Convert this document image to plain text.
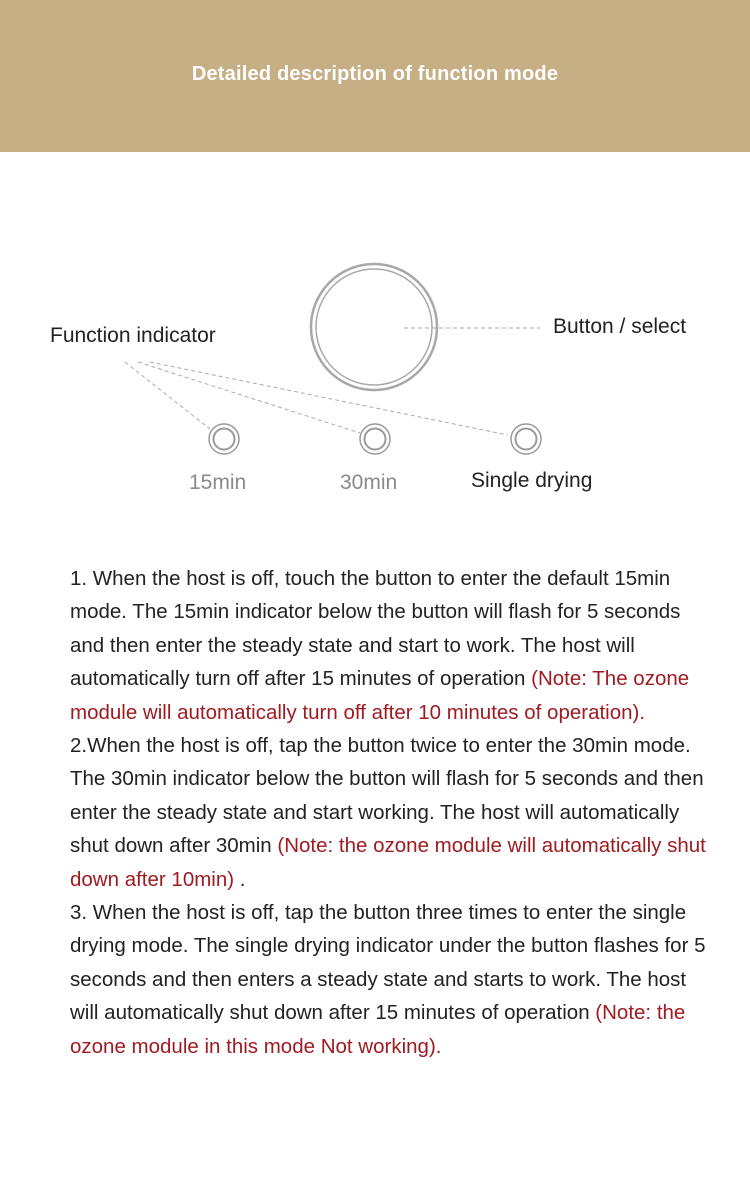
Detailed description of function mode
Function indicator	Button / select
15min	30min	Single drying

1. When the host is off, touch the button to enter the default 15min mode. The 15min indicator below the button will flash for 5 seconds and then enter the steady state and start to work. The host will automatically turn off after 15 minutes of operation (Note: The ozone module will automatically turn off after 10 minutes of operation).

2.When the host is off, tap the button twice to enter the 30min mode. The 30min indicator below the button will flash for 5 seconds and then enter the steady state and start working. The host will automatically shut down after 30min (Note: the ozone module will automatically shut down after 10min) .

3. When the host is off, tap the button three times to enter the single drying mode. The single drying indicator under the button flashes for 5 seconds and then enters a steady state and starts to work. The host will automatically shut down after 15 minutes of operation (Note: the ozone module in this mode Not working).
